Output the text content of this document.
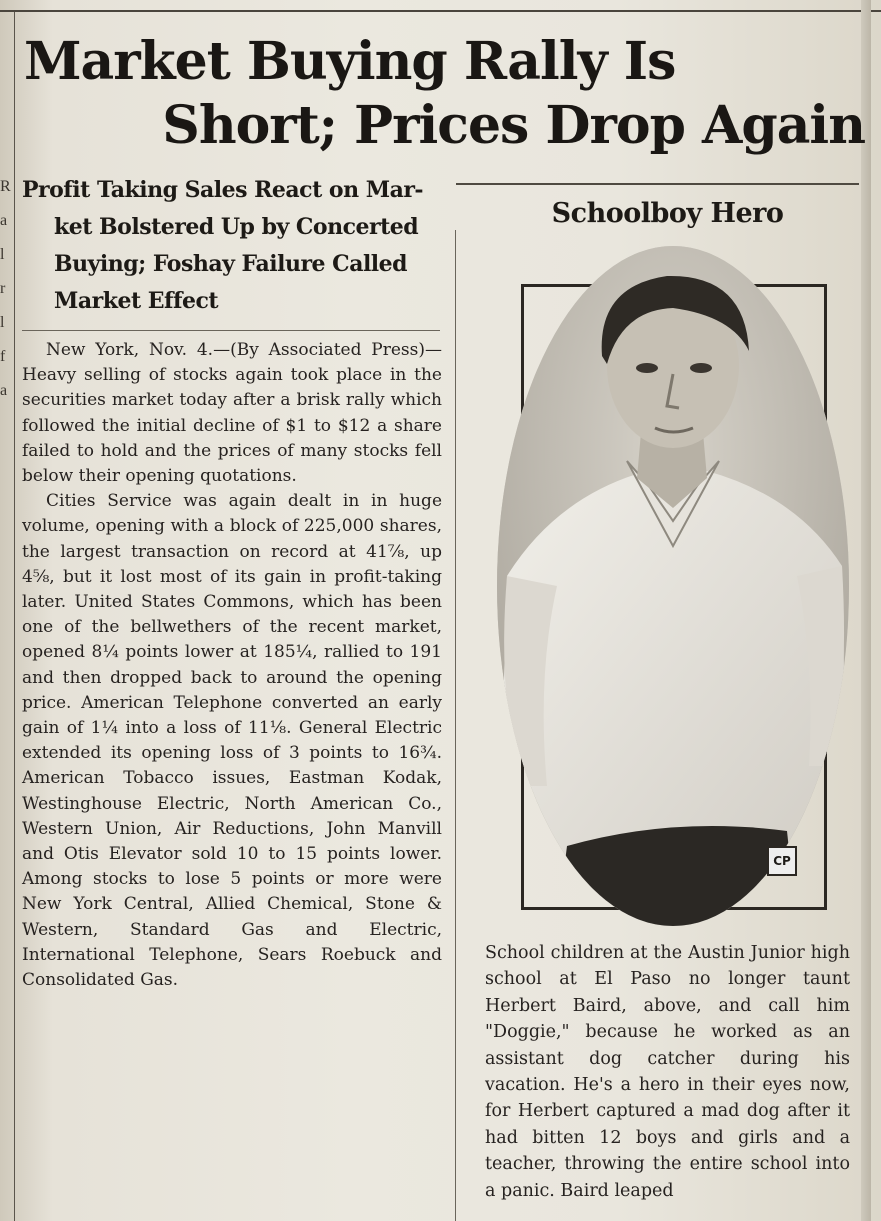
R
a
l
r
l
f
a
Market Buying Rally Is
Short; Prices Drop Again
Profit Taking Sales React on Mar-
ket Bolstered Up by Concerted
Buying; Foshay Failure Called
Market Effect

New York, Nov. 4.—(By Associated Press)—Heavy selling of stocks again took place in the securities market today after a brisk rally which followed the initial decline of $1 to $12 a share failed to hold and the prices of many stocks fell below their opening quotations.

Cities Service was again dealt in in huge volume, opening with a block of 225,000 shares, the largest transaction on record at 41⅞, up 4⅝, but it lost most of its gain in profit-taking later. United States Commons, which has been one of the bellwethers of the recent market, opened 8¼ points lower at 185¼, rallied to 191 and then dropped back to around the opening price. American Telephone converted an early gain of 1¼ into a loss of 11⅛. General Electric extended its opening loss of 3 points to 16¾. American Tobacco issues, Eastman Kodak, Westinghouse Electric, North American Co., Western Union, Air Reductions, John Manvill and Otis Elevator sold 10 to 15 points lower. Among stocks to lose 5 points or more were New York Central, Allied Chemical, Stone & Western, Standard Gas and Electric, International Telephone, Sears Roebuck and Consolidated Gas.

Schoolboy Hero
CP

School children at the Austin Junior high school at El Paso no longer taunt Herbert Baird, above, and call him "Doggie," because he worked as an assistant dog catcher during his vacation. He's a hero in their eyes now, for Herbert captured a mad dog after it had bitten 12 boys and girls and a teacher, throwing the entire school into a panic. Baird leaped
